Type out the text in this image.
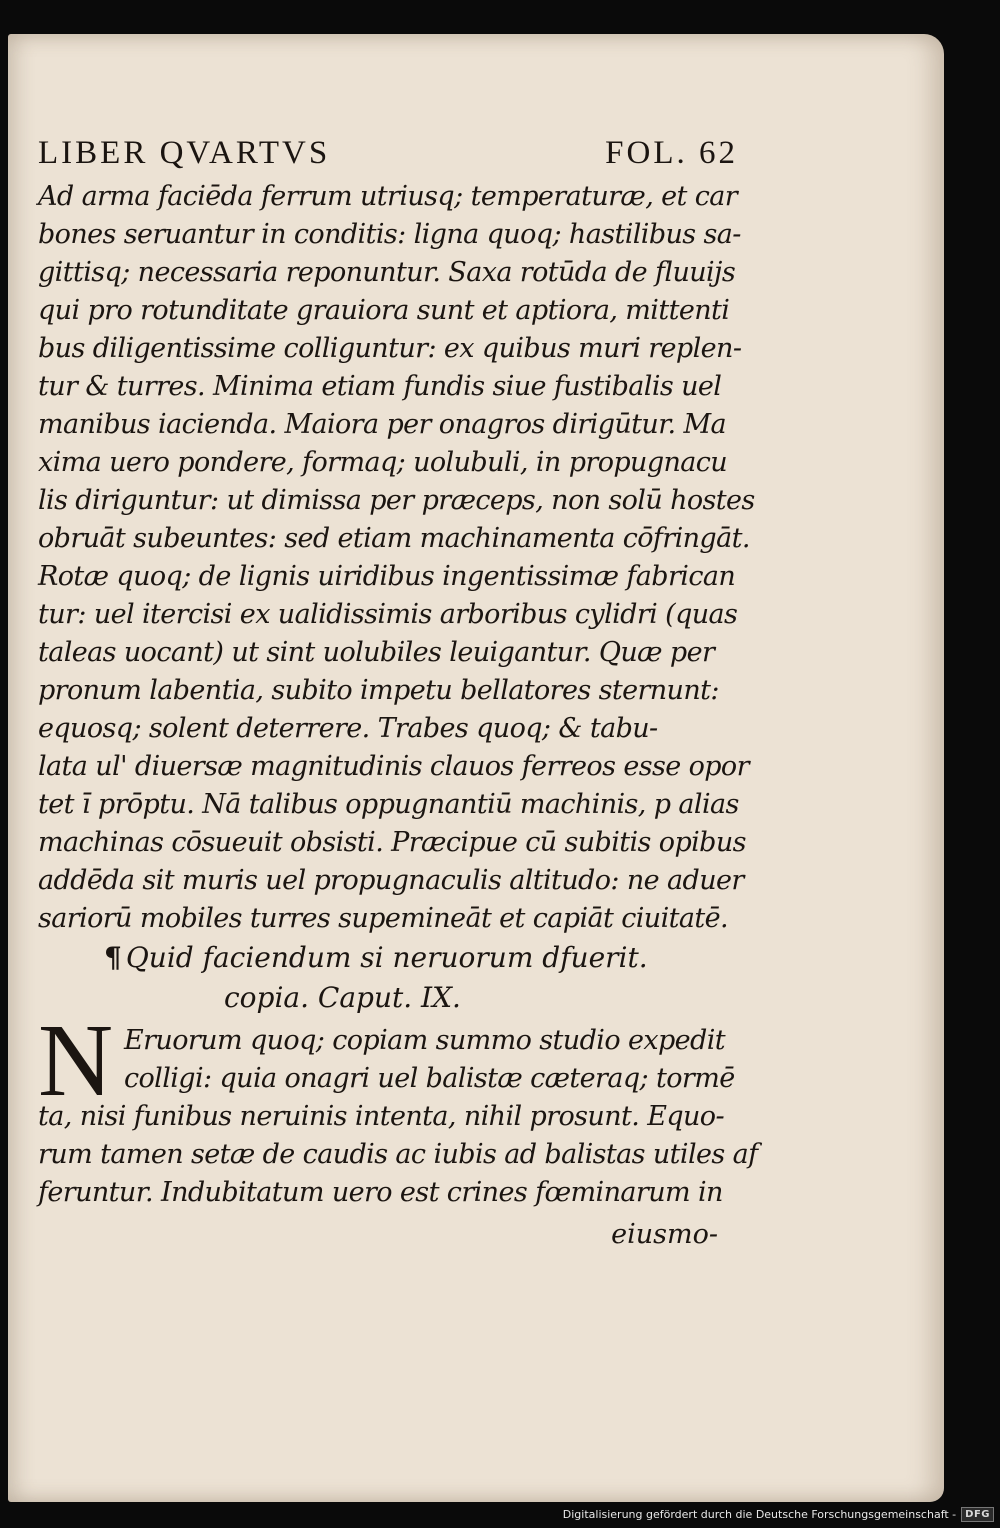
LIBER QVARTVS	FOL. 62
Ad arma faciēda ferrum utriusq; temperaturæ, et car
bones seruantur in conditis: ligna quoq; hastilibus sa-
gittisq; necessaria reponuntur. Saxa rotūda de fluuijs
qui pro rotunditate grauiora sunt et aptiora, mittenti
bus diligentissime colliguntur: ex quibus muri replen-
tur & turres. Minima etiam fundis siue fustibalis uel
manibus iacienda. Maiora per onagros dirigūtur. Ma
xima uero pondere, formaq; uolubuli, in propugnacu
lis diriguntur: ut dimissa per præceps, non solū hostes
obruāt subeuntes: sed etiam machinamenta cōfringāt.
Rotæ quoq; de lignis uiridibus ingentissimæ fabrican
tur: uel itercisi ex ualidissimis arboribus cylidri (quas
taleas uocant) ut sint uolubiles leuigantur. Quæ per
pronum labentia, subito impetu bellatores sternunt:
equosq; solent deterrere. Trabes quoq; & tabu-
lata ul' diuersæ magnitudinis clauos ferreos esse opor
tet ī prōptu. Nā talibus oppugnantiū machinis, p alias
machinas cōsueuit obsisti. Præcipue cū subitis opibus
addēda sit muris uel propugnaculis altitudo: ne aduer
sariorū mobiles turres supemineāt et capiāt ciuitatē.
¶ Quid faciendum si neruorum dfuerit.
copia. Caput. IX.
N Eruorum quoq; copiam summo studio expedit
colligi: quia onagri uel balistæ cæteraq; tormē
ta, nisi funibus neruinis intenta, nihil prosunt. Equo-
rum tamen setæ de caudis ac iubis ad balistas utiles af
feruntur. Indubitatum uero est crines fœminarum in
eiusmo-
Digitalisierung gefördert durch die Deutsche Forschungsgemeinschaft - DFG
